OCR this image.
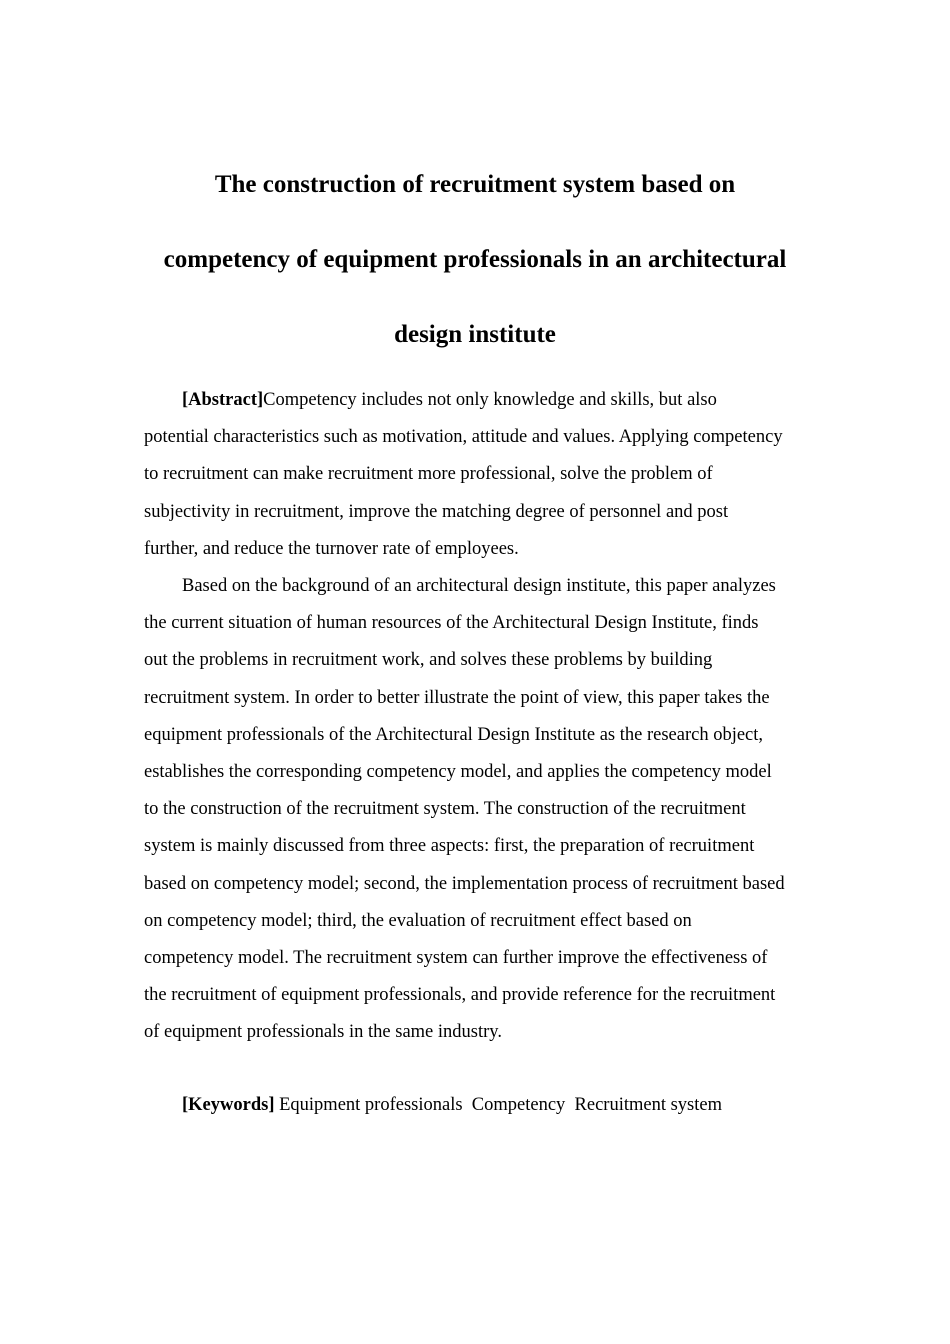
The construction of recruitment system based on
competency of equipment professionals in an architectural
design institute
[Abstract]Competency includes not only knowledge and skills, but also
potential characteristics such as motivation, attitude and values. Applying competency
to recruitment can make recruitment more professional, solve the problem of
subjectivity in recruitment, improve the matching degree of personnel and post
further, and reduce the turnover rate of employees.
Based on the background of an architectural design institute, this paper analyzes
the current situation of human resources of the Architectural Design Institute, finds
out the problems in recruitment work, and solves these problems by building
recruitment system. In order to better illustrate the point of view, this paper takes the
equipment professionals of the Architectural Design Institute as the research object,
establishes the corresponding competency model, and applies the competency model
to the construction of the recruitment system. The construction of the recruitment
system is mainly discussed from three aspects: first, the preparation of recruitment
based on competency model; second, the implementation process of recruitment based
on competency model; third, the evaluation of recruitment effect based on
competency model. The recruitment system can further improve the effectiveness of
the recruitment of equipment professionals, and provide reference for the recruitment
of equipment professionals in the same industry.
[Keywords] Equipment professionals  Competency  Recruitment system
